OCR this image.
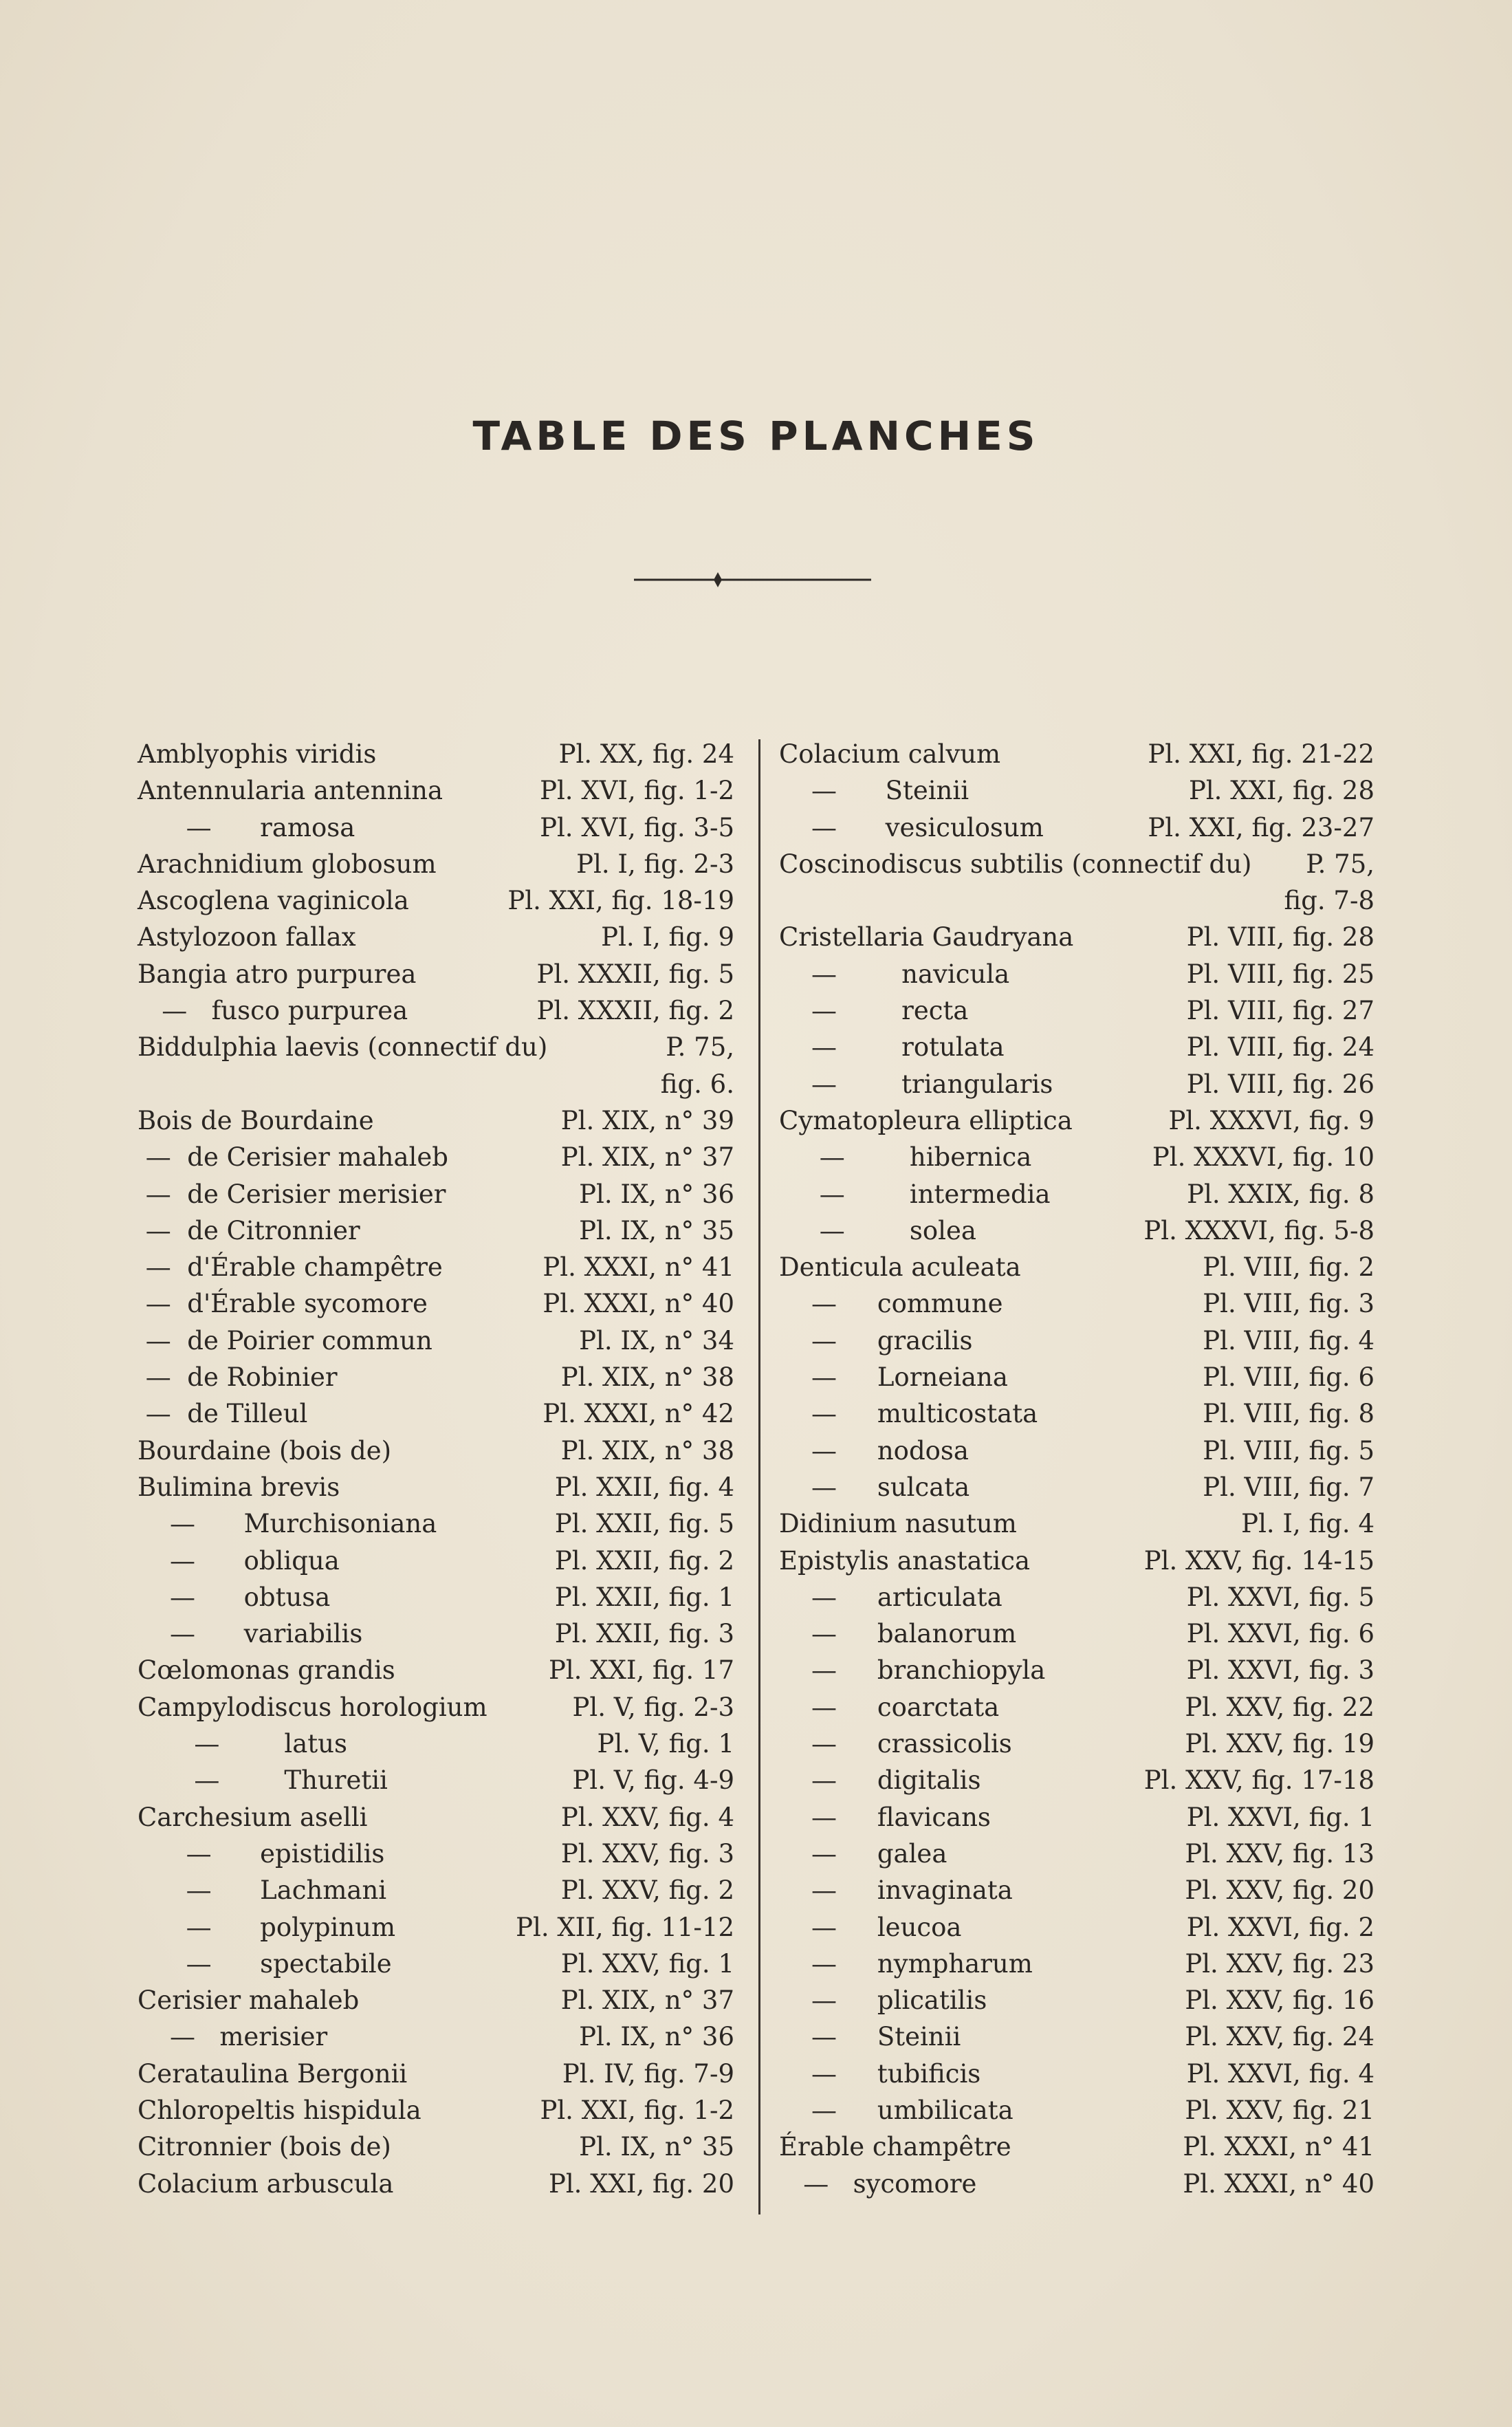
TABLE DES PLANCHES
Amblyophis viridis	Pl. XX, fig. 24
Antennularia antennina	Pl. XVI, fig. 1-2
—      ramosa	Pl. XVI, fig. 3-5
Arachnidium globosum	Pl. I, fig. 2-3
Ascoglena vaginicola	Pl. XXI, fig. 18-19
Astylozoon fallax	Pl. I, fig. 9
Bangia atro purpurea	Pl. XXXII, fig. 5
—   fusco purpurea	Pl. XXXII, fig. 2
Biddulphia laevis (connectif du)	P. 75,
fig. 6.
Bois de Bourdaine	Pl. XIX, n° 39
—  de Cerisier mahaleb	Pl. XIX, n° 37
—  de Cerisier merisier	Pl. IX, n° 36
—  de Citronnier	Pl. IX, n° 35
—  d'Érable champêtre	Pl. XXXI, n° 41
—  d'Érable sycomore	Pl. XXXI, n° 40
—  de Poirier commun	Pl. IX, n° 34
—  de Robinier	Pl. XIX, n° 38
—  de Tilleul	Pl. XXXI, n° 42
Bourdaine (bois de)	Pl. XIX, n° 38
Bulimina brevis	Pl. XXII, fig. 4
—      Murchisoniana	Pl. XXII, fig. 5
—      obliqua	Pl. XXII, fig. 2
—      obtusa	Pl. XXII, fig. 1
—      variabilis	Pl. XXII, fig. 3
Cœlomonas grandis	Pl. XXI, fig. 17
Campylodiscus horologium	Pl. V, fig. 2-3
—        latus	Pl. V, fig. 1
—        Thuretii	Pl. V, fig. 4-9
Carchesium aselli	Pl. XXV, fig. 4
—      epistidilis	Pl. XXV, fig. 3
—      Lachmani	Pl. XXV, fig. 2
—      polypinum	Pl. XII, fig. 11-12
—      spectabile	Pl. XXV, fig. 1
Cerisier mahaleb	Pl. XIX, n° 37
—   merisier	Pl. IX, n° 36
Cerataulina Bergonii	Pl. IV, fig. 7-9
Chloropeltis hispidula	Pl. XXI, fig. 1-2
Citronnier (bois de)	Pl. IX, n° 35
Colacium arbuscula	Pl. XXI, fig. 20
Colacium calvum	Pl. XXI, fig. 21-22
—      Steinii	Pl. XXI, fig. 28
—      vesiculosum	Pl. XXI, fig. 23-27
Coscinodiscus subtilis (connectif du)	P. 75,
fig. 7-8
Cristellaria Gaudryana	Pl. VIII, fig. 28
—        navicula	Pl. VIII, fig. 25
—        recta	Pl. VIII, fig. 27
—        rotulata	Pl. VIII, fig. 24
—        triangularis	Pl. VIII, fig. 26
Cymatopleura elliptica	Pl. XXXVI, fig. 9
—        hibernica	Pl. XXXVI, fig. 10
—        intermedia	Pl. XXIX, fig. 8
—        solea	Pl. XXXVI, fig. 5-8
Denticula aculeata	Pl. VIII, fig. 2
—     commune	Pl. VIII, fig. 3
—     gracilis	Pl. VIII, fig. 4
—     Lorneiana	Pl. VIII, fig. 6
—     multicostata	Pl. VIII, fig. 8
—     nodosa	Pl. VIII, fig. 5
—     sulcata	Pl. VIII, fig. 7
Didinium nasutum	Pl. I, fig. 4
Epistylis anastatica	Pl. XXV, fig. 14-15
—     articulata	Pl. XXVI, fig. 5
—     balanorum	Pl. XXVI, fig. 6
—     branchiopyla	Pl. XXVI, fig. 3
—     coarctata	Pl. XXV, fig. 22
—     crassicolis	Pl. XXV, fig. 19
—     digitalis	Pl. XXV, fig. 17-18
—     flavicans	Pl. XXVI, fig. 1
—     galea	Pl. XXV, fig. 13
—     invaginata	Pl. XXV, fig. 20
—     leucoa	Pl. XXVI, fig. 2
—     nympharum	Pl. XXV, fig. 23
—     plicatilis	Pl. XXV, fig. 16
—     Steinii	Pl. XXV, fig. 24
—     tubificis	Pl. XXVI, fig. 4
—     umbilicata	Pl. XXV, fig. 21
Érable champêtre	Pl. XXXI, n° 41
—   sycomore	Pl. XXXI, n° 40
